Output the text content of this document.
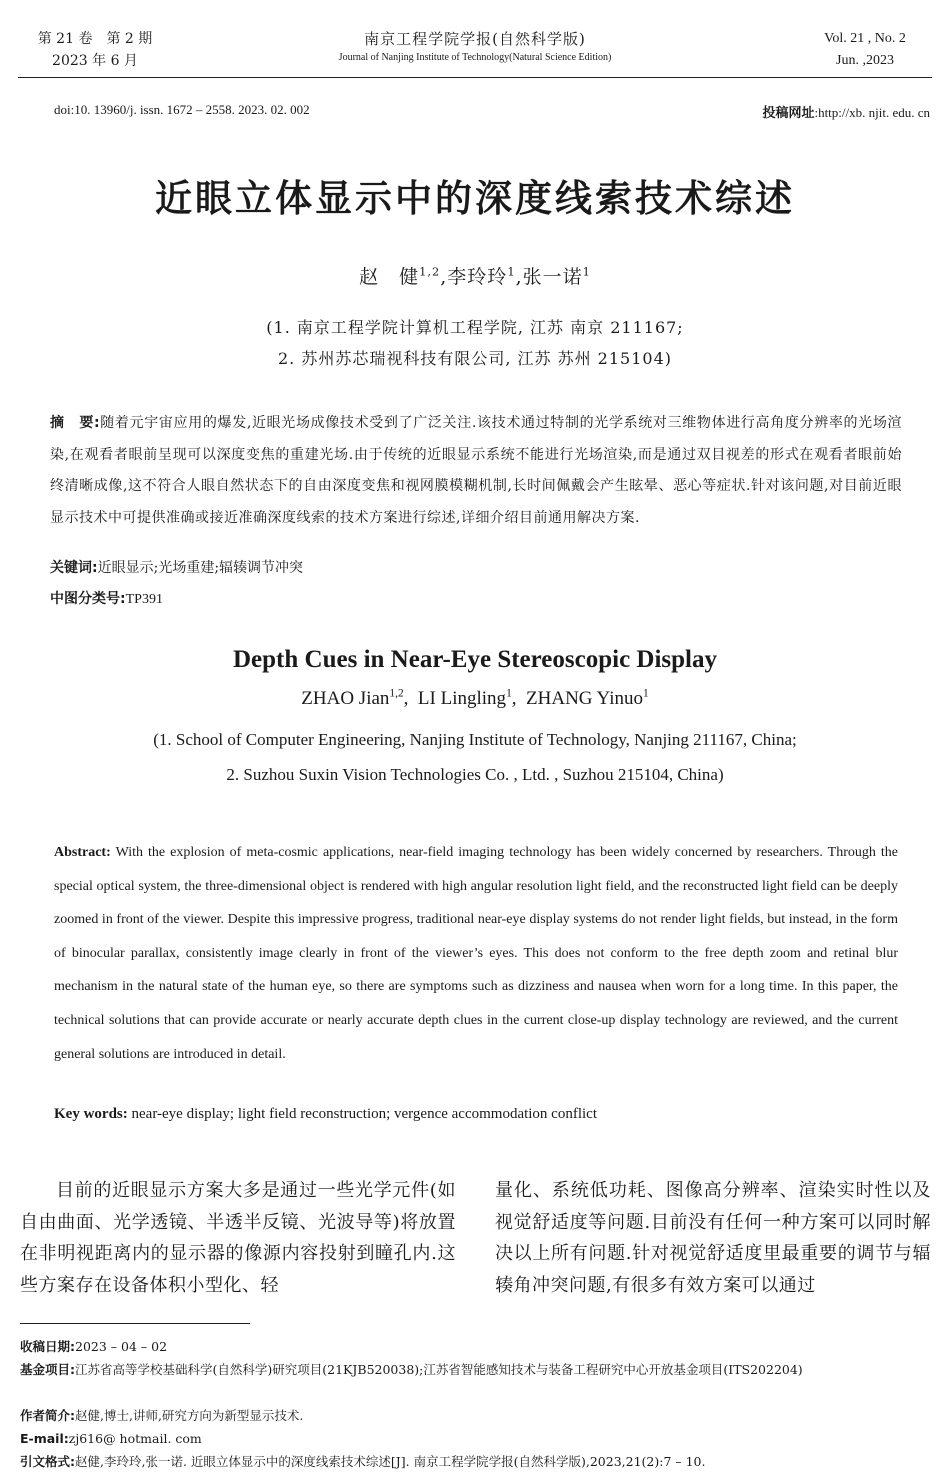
第 21 卷　第 2 期
2023 年 6 月
南京工程学院学报(自然科学版)
Journal of Nanjing Institute of Technology(Natural Science Edition)
Vol. 21 , No. 2
Jun. ,2023
doi:10. 13960/j. issn. 1672 – 2558. 2023. 02. 002	投稿网址:http://xb. njit. edu. cn
近眼立体显示中的深度线索技术综述
赵　健$^{1,2}$,李玲玲$^1$,张一诺$^1$
(1. 南京工程学院计算机工程学院, 江苏 南京 211167;
2. 苏州苏芯瑞视科技有限公司, 江苏 苏州 215104)
摘　要:随着元宇宙应用的爆发,近眼光场成像技术受到了广泛关注.该技术通过特制的光学系统对三维物体进行高角度分辨率的光场渲染,在观看者眼前呈现可以深度变焦的重建光场.由于传统的近眼显示系统不能进行光场渲染,而是通过双目视差的形式在观看者眼前始终清晰成像,这不符合人眼自然状态下的自由深度变焦和视网膜模糊机制,长时间佩戴会产生眩晕、恶心等症状.针对该问题,对目前近眼显示技术中可提供准确或接近准确深度线索的技术方案进行综述,详细介绍目前通用解决方案.
关键词:近眼显示;光场重建;辐辏调节冲突
中图分类号:TP391
Depth Cues in Near-Eye Stereoscopic Display
ZHAO Jian$^{1,2}$,  LI Lingling$^1$,  ZHANG Yinuo$^1$
(1. School of Computer Engineering, Nanjing Institute of Technology, Nanjing 211167, China;
2. Suzhou Suxin Vision Technologies Co. , Ltd. , Suzhou 215104, China)
Abstract: With the explosion of meta-cosmic applications, near-field imaging technology has been widely concerned by researchers. Through the special optical system, the three-dimensional object is rendered with high angular resolution light field, and the reconstructed light field can be deeply zoomed in front of the viewer. Despite this impressive progress, traditional near-eye display systems do not render light fields, but instead, in the form of binocular parallax, consistently image clearly in front of the viewer’s eyes. This does not conform to the free depth zoom and retinal blur mechanism in the natural state of the human eye, so there are symptoms such as dizziness and nausea when worn for a long time. In this paper, the technical solutions that can provide accurate or nearly accurate depth clues in the current close-up display technology are reviewed, and the current general solutions are introduced in detail.
Key words: near-eye display; light field reconstruction; vergence accommodation conflict
目前的近眼显示方案大多是通过一些光学元件(如自由曲面、光学透镜、半透半反镜、光波导等)将放置在非明视距离内的显示器的像源内容投射到瞳孔内.这些方案存在设备体积小型化、轻
量化、系统低功耗、图像高分辨率、渲染实时性以及视觉舒适度等问题.目前没有任何一种方案可以同时解决以上所有问题.针对视觉舒适度里最重要的调节与辐辏角冲突问题,有很多有效方案可以通过
收稿日期:2023 – 04 – 02
基金项目:江苏省高等学校基础科学(自然科学)研究项目(21KJB520038);江苏省智能感知技术与装备工程研究中心开放基金项目(ITS202204)
作者简介:赵健,博士,讲师,研究方向为新型显示技术.
E-mail:zj616@ hotmail. com
引文格式:赵健,李玲玲,张一诺. 近眼立体显示中的深度线索技术综述[J]. 南京工程学院学报(自然科学版),2023,21(2):7 – 10.
